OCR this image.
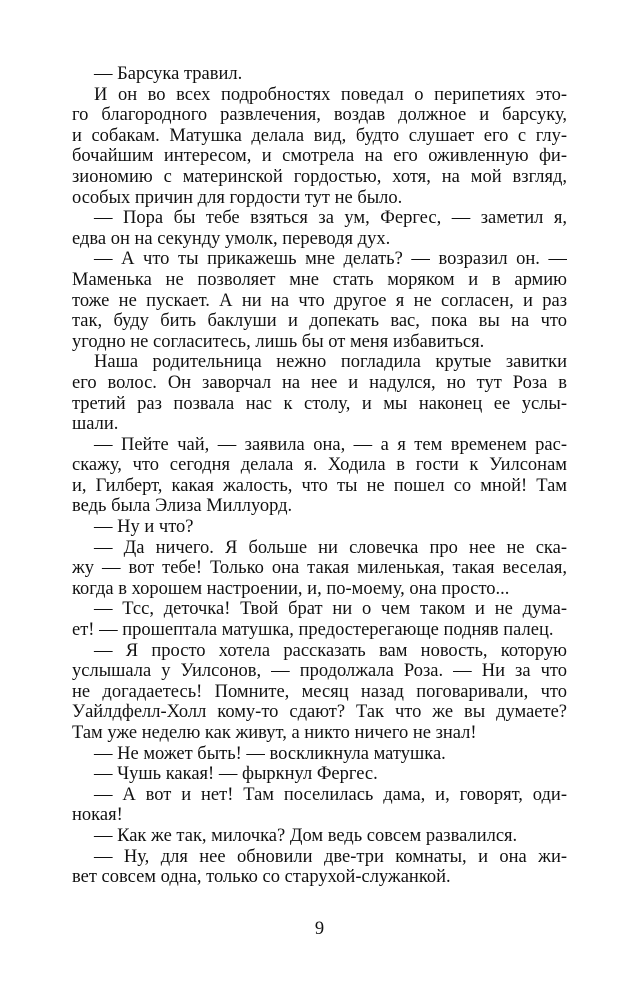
— Барсука травил.
И он во всех подробностях поведал о перипетиях это-
го благородного развлечения, воздав должное и барсуку,
и собакам. Матушка делала вид, будто слушает его с глу-
бочайшим интересом, и смотрела на его оживленную фи-
зиономию с материнской гордостью, хотя, на мой взгляд,
особых причин для гордости тут не было.
— Пора бы тебе взяться за ум, Фергес, — заметил я,
едва он на секунду умолк, переводя дух.
— А что ты прикажешь мне делать? — возразил он. —
Маменька не позволяет мне стать моряком и в армию
тоже не пускает. А ни на что другое я не согласен, и раз
так, буду бить баклуши и допекать вас, пока вы на что
угодно не согласитесь, лишь бы от меня избавиться.
Наша родительница нежно погладила крутые завитки
его волос. Он заворчал на нее и надулся, но тут Роза в
третий раз позвала нас к столу, и мы наконец ее услы-
шали.
— Пейте чай, — заявила она, — а я тем временем рас-
скажу, что сегодня делала я. Ходила в гости к Уилсонам
и, Гилберт, какая жалость, что ты не пошел со мной! Там
ведь была Элиза Миллуорд.
— Ну и что?
— Да ничего. Я больше ни словечка про нее не ска-
жу — вот тебе! Только она такая миленькая, такая веселая,
когда в хорошем настроении, и, по-моему, она просто...
— Тсс, деточка! Твой брат ни о чем таком и не дума-
ет! — прошептала матушка, предостерегающе подняв палец.
— Я просто хотела рассказать вам новость, которую
услышала у Уилсонов, — продолжала Роза. — Ни за что
не догадаетесь! Помните, месяц назад поговаривали, что
Уайлдфелл-Холл кому-то сдают? Так что же вы думаете?
Там уже неделю как живут, а никто ничего не знал!
— Не может быть! — воскликнула матушка.
— Чушь какая! — фыркнул Фергес.
— А вот и нет! Там поселилась дама, и, говорят, оди-
нокая!
— Как же так, милочка? Дом ведь совсем развалился.
— Ну, для нее обновили две-три комнаты, и она жи-
вет совсем одна, только со старухой-служанкой.
9
